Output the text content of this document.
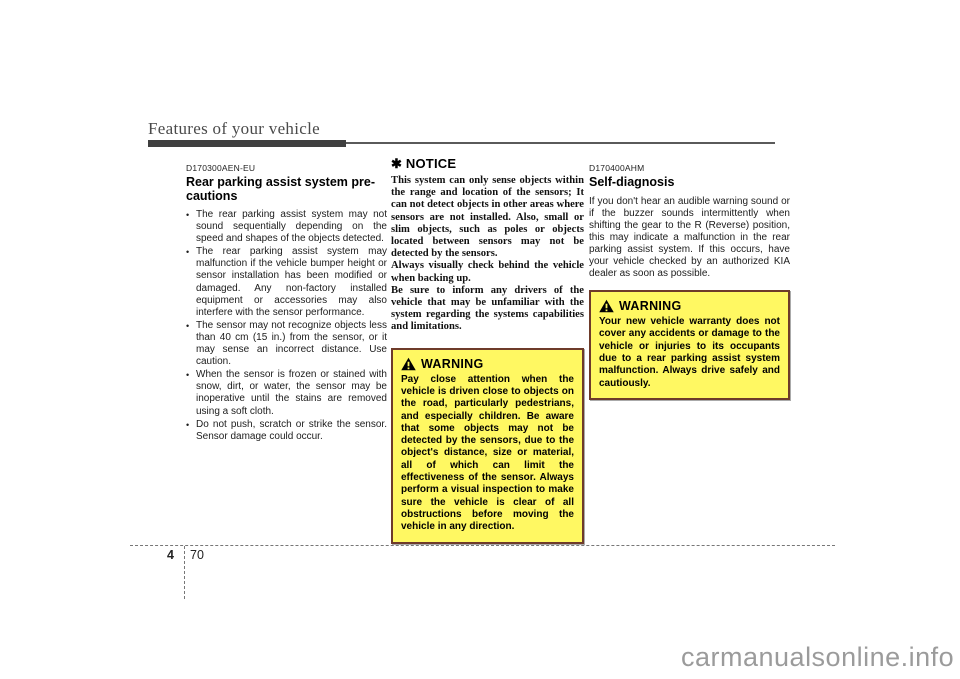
Features of your vehicle
D170300AEN-EU
Rear parking assist system pre-cautions
• The rear parking assist system may not sound sequentially depending on the speed and shapes of the objects detected.
• The rear parking assist system may malfunction if the vehicle bumper height or sensor installation has been modified or damaged. Any non-factory installed equipment or accessories may also interfere with the sensor performance.
• The sensor may not recognize objects less than 40 cm (15 in.) from the sensor, or it may sense an incorrect distance. Use caution.
• When the sensor is frozen or stained with snow, dirt, or water, the sensor may be inoperative until the stains are removed using a soft cloth.
• Do not push, scratch or strike the sensor. Sensor damage could occur.
✱ NOTICE

This system can only sense objects within the range and location of the sensors; It can not detect objects in other areas where sensors are not installed. Also, small or slim objects, such as poles or objects located between sensors may not be detected by the sensors.

Always visually check behind the vehicle when backing up.

Be sure to inform any drivers of the vehicle that may be unfamiliar with the system regarding the systems capabilities and limitations.

WARNING
Pay close attention when the vehicle is driven close to objects on the road, particularly pedestrians, and especially children. Be aware that some objects may not be detected by the sensors, due to the object's distance, size or material, all of which can limit the effectiveness of the sensor. Always perform a visual inspection to make sure the vehicle is clear of all obstructions before moving the vehicle in any direction.
D170400AHM
Self-diagnosis
If you don't hear an audible warning sound or if the buzzer sounds intermittently when shifting the gear to the R (Reverse) position, this may indicate a malfunction in the rear parking assist system. If this occurs, have your vehicle checked by an authorized KIA dealer as soon as possible.
WARNING
Your new vehicle warranty does not cover any accidents or damage to the vehicle or injuries to its occupants due to a rear parking assist system malfunction. Always drive safely and cautiously.
4 70
carmanualsonline.info
